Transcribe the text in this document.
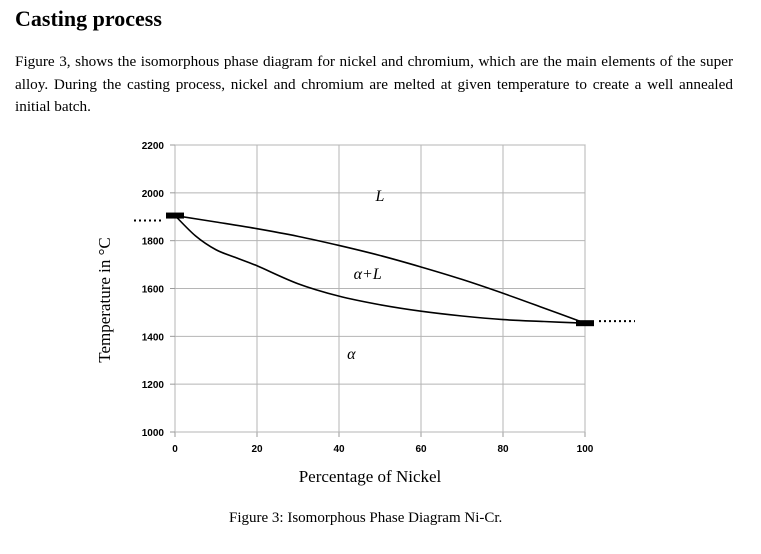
Casting process

Figure 3, shows the isomorphous phase diagram for nickel and chromium, which are the main elements of the super alloy. During the casting process, nickel and chromium are melted at given temperature to create a well annealed initial batch.

0	20	40	60	80	100
1000
1200
1400
1600
1800
2000
2200
L
α+L
α
Percentage of Nickel
Temperature in °C
Figure 3: Isomorphous Phase Diagram Ni-Cr.
